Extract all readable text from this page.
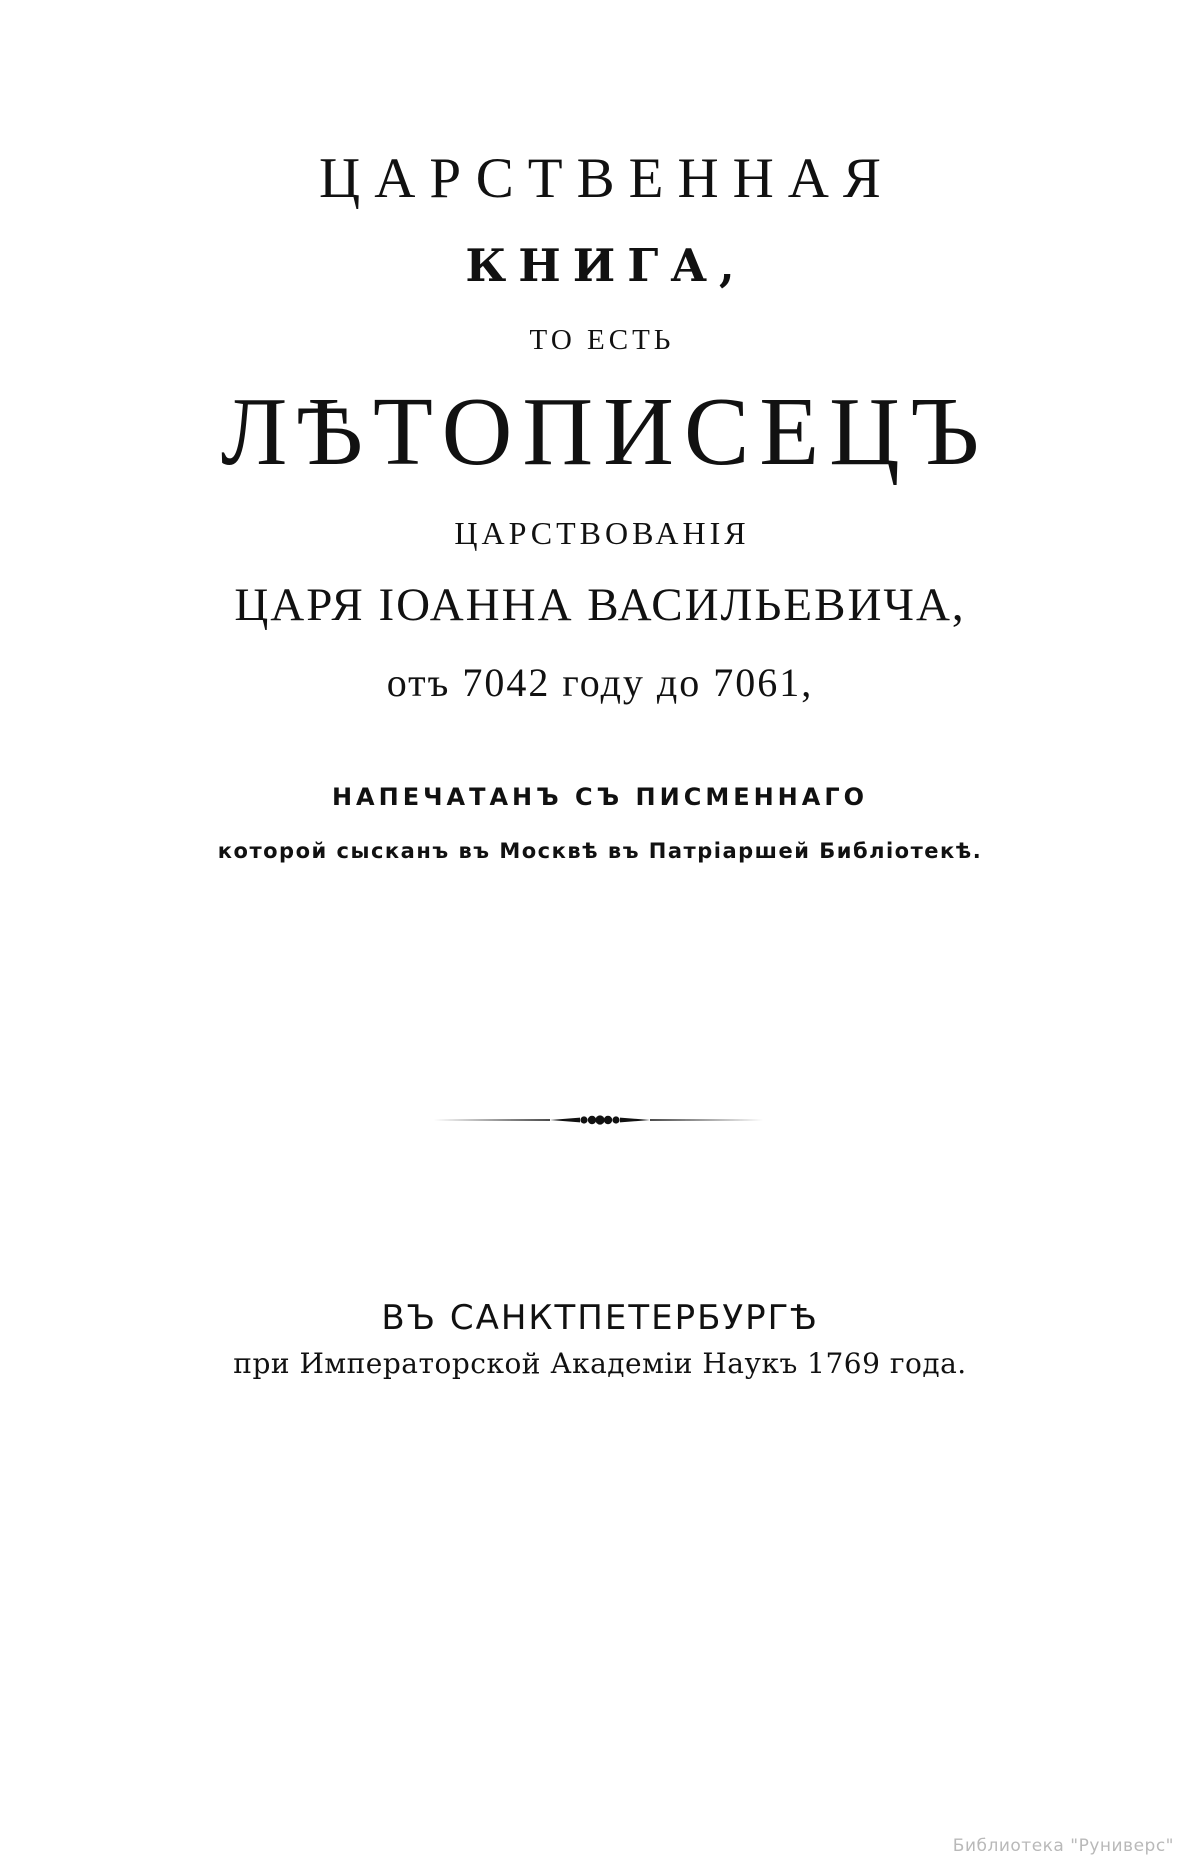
ЦАРСТВЕННАЯ
КНИГА,
ТО ЕСТЬ
ЛѢТОПИСЕЦЪ
ЦАРСТВОВАНІЯ
ЦАРЯ ІОАННА ВАСИЛЬЕВИЧА,
отъ 7042 году до 7061,
НАПЕЧАТАНЪ СЪ ПИСМЕННАГО
которой сысканъ въ Москвѣ въ Патріаршей Библіотекѣ.
ВЪ САНКТПЕТЕРБУРГѢ
при Императорской Академіи Наукъ 1769 года.
Библиотека "Руниверс"
